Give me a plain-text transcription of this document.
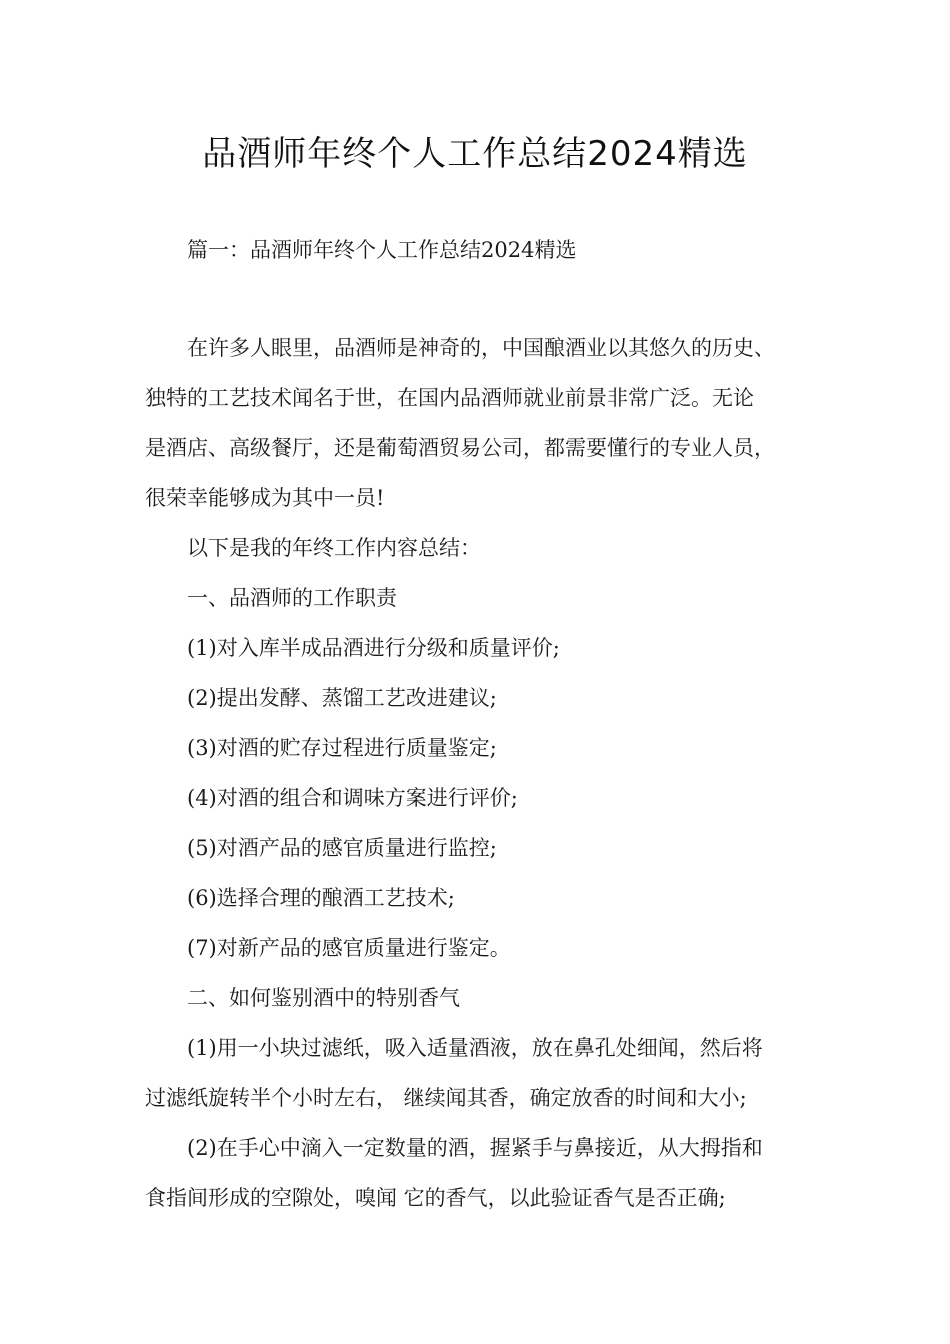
品酒师年终个人工作总结2024精选

篇一：品酒师年终个人工作总结2024精选

在许多人眼里，品酒师是神奇的，中国酿酒业以其悠久的历史、
独特的工艺技术闻名于世，在国内品酒师就业前景非常广泛。无论
是酒店、高级餐厅，还是葡萄酒贸易公司，都需要懂行的专业人员，
很荣幸能够成为其中一员!

以下是我的年终工作内容总结：

一、品酒师的工作职责

(1)对入库半成品酒进行分级和质量评价;

(2)提出发酵、蒸馏工艺改进建议;

(3)对酒的贮存过程进行质量鉴定;

(4)对酒的组合和调味方案进行评价;

(5)对酒产品的感官质量进行监控;

(6)选择合理的酿酒工艺技术;

(7)对新产品的感官质量进行鉴定。

二、如何鉴别酒中的特别香气

(1)用一小块过滤纸，吸入适量酒液，放在鼻孔处细闻，然后将
过滤纸旋转半个小时左右， 继续闻其香，确定放香的时间和大小;
(2)在手心中滴入一定数量的酒，握紧手与鼻接近，从大拇指和
食指间形成的空隙处，嗅闻 它的香气，以此验证香气是否正确;
